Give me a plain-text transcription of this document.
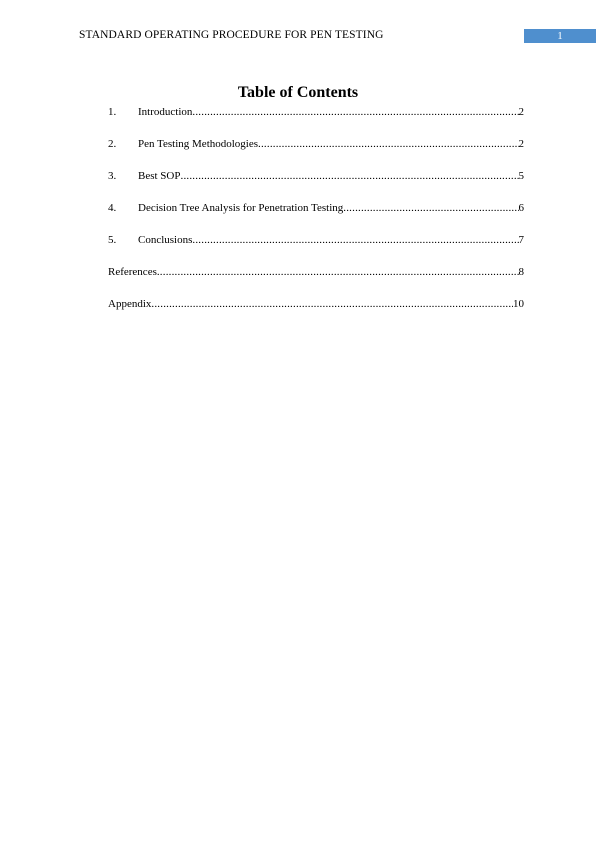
STANDARD OPERATING PROCEDURE FOR PEN TESTING	1
Table of Contents
1.	Introduction .....	2
2.	Pen Testing Methodologies .....	2
3.	Best SOP .....	5
4.	Decision Tree Analysis for Penetration Testing .....	6
5.	Conclusions .....	7
References .....	8
Appendix .....	10
